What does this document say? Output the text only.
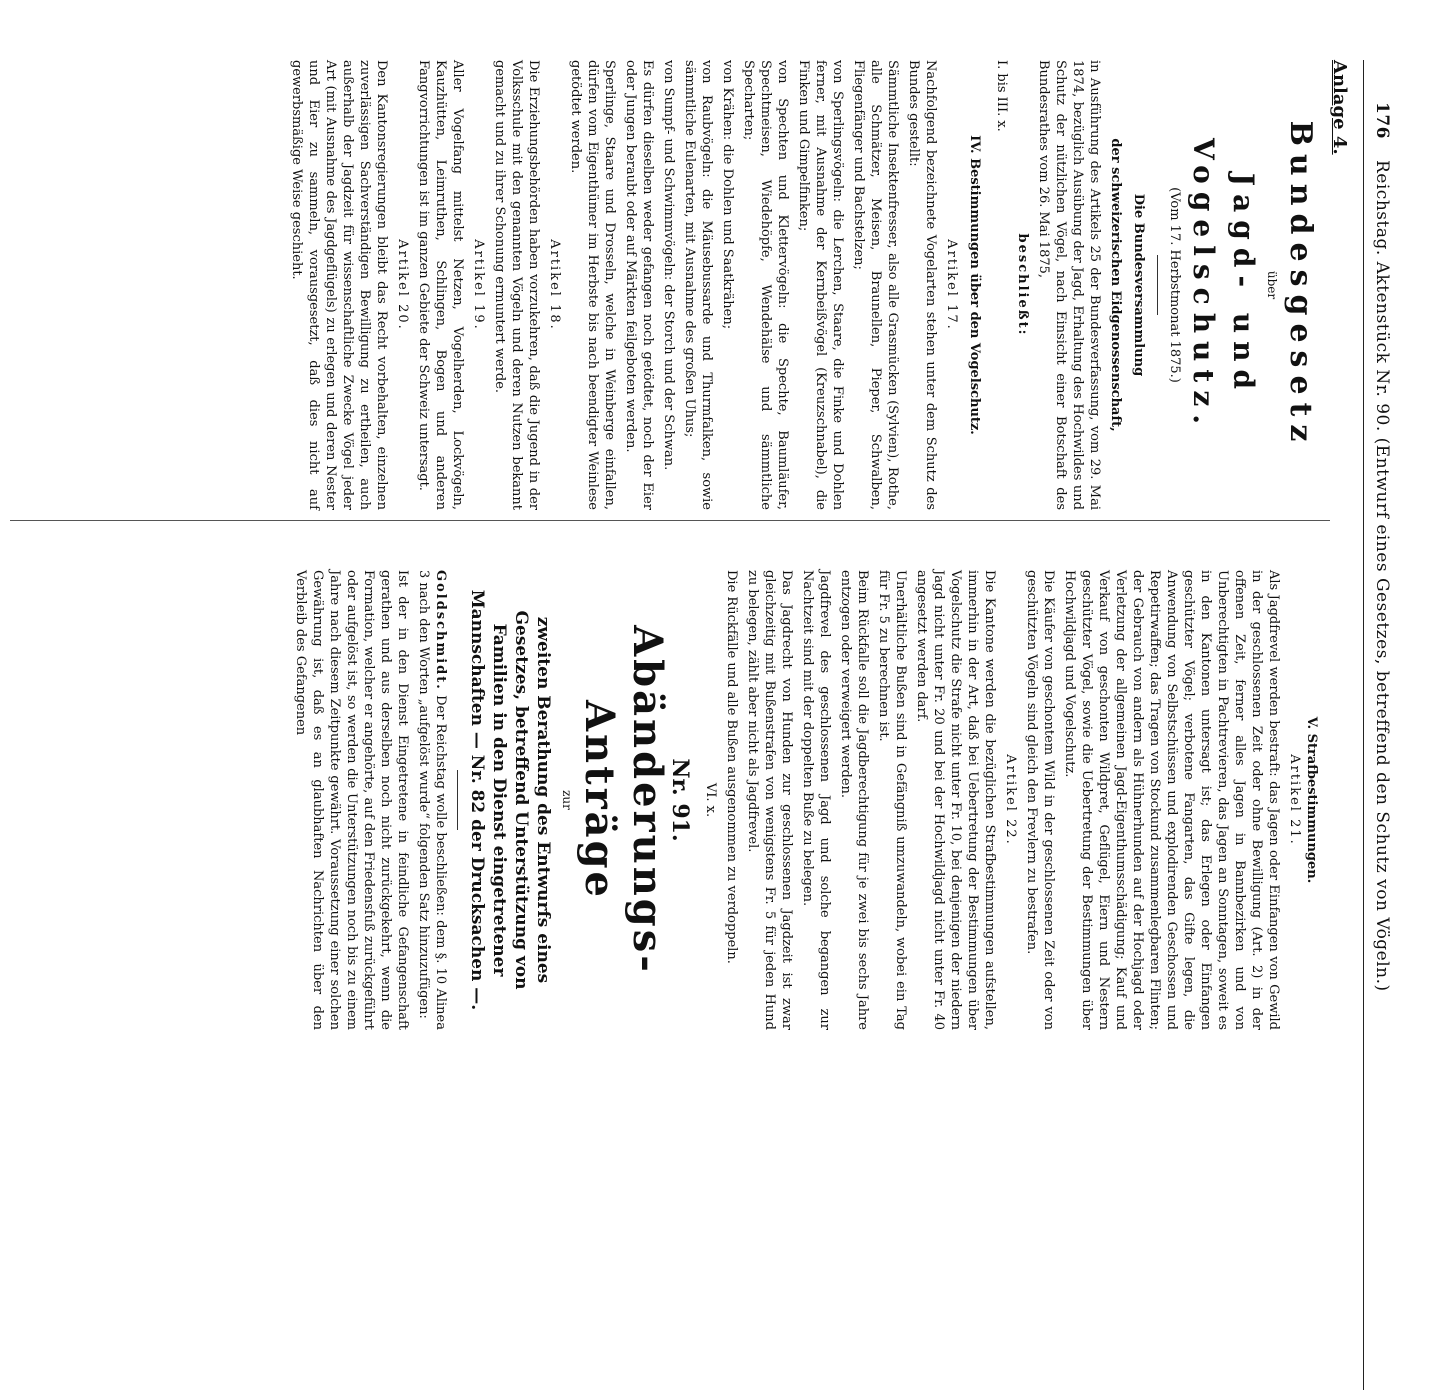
176
Reichstag. Aktenstück Nr. 90. (Entwurf eines Gesetzes, betreffend den Schutz von Vögeln.)
Anlage 4.
Bundesgesetz
über
Jagd- und Vogelschutz.
(Vom 17. Herbstmonat 1875.)
Die Bundesversammlung
der schweizerischen Eidgenossenschaft,

in Ausführung des Artikels 25 der Bundesverfassung, vom 29. Mai 1874, bezüglich Ausübung der Jagd, Erhaltung des Hochwildes und Schutz der nützlichen Vögel, nach Einsicht einer Botschaft des Bundesrathes vom 26. Mai 1875,

beschließt:

I. bis III. x.

IV. Bestimmungen über den Vogelschutz.
Artikel 17.

Nachfolgend bezeichnete Vogelarten stehen unter dem Schutz des Bundes gestellt:

Sämmtliche Insektenfresser, also alle Grasmücken (Sylvien), Rothe, alle Schmätzer, Meisen, Braunellen, Pieper, Schwalben, Fliegenfänger und Bachstelzen;

von Sperlingsvögeln: die Lerchen, Staare, die Finke und Dohlen ferner, mit Ausnahme der Kernbeißvögel (Kreuzschnabel), die Finken und Gimpelfinken;

von Spechten und Klettervögeln: die Spechte, Baumläufer, Spechtmeisen, Wiedehöpfe, Wendehälse und sämmtliche Specharten;

von Krähen: die Dohlen und Saatkrähen;

von Raubvögeln: die Mäusebussarde und Thurmfalken, sowie sämmtliche Eulenarten, mit Ausnahme des großen Uhus;

von Sumpf- und Schwimmvögeln: der Storch und der Schwan.

Es dürfen dieselben weder gefangen noch getödtet, noch der Eier oder Jungen beraubt oder auf Märkten feilgeboten werden.

Sperlinge, Staare und Drosseln, welche in Weinberge einfallen, dürfen vom Eigenthümer im Herbste bis nach beendigter Weinlese getödtet werden.

Artikel 18.

Die Erziehungsbehörden haben vorzukehren, daß die Jugend in der Volksschule mit den genannten Vögeln und deren Nutzen bekannt gemacht und zu ihrer Schonung ermuntert werde.

Artikel 19.

Aller Vogelfang mittelst Netzen, Vogelherden, Lockvögeln, Kauzhütten, Leimruthen, Schlingen, Bogen und anderen Fangvorrichtungen ist im ganzen Gebiete der Schweiz untersagt.

Artikel 20.

Den Kantonsregierungen bleibt das Recht vorbehalten, einzelnen zuverlässigen Sachverständigen Bewilligung zu ertheilen, auch außerhalb der Jagdzeit für wissenschaftliche Zwecke Vögel jeder Art (mit Ausnahme des Jagdgeflügels) zu erlegen und deren Nester und Eier zu sammeln, vorausgesetzt, daß dies nicht auf gewerbsmäßige Weise geschieht.

V. Strafbestimmungen.
Artikel 21.

Als Jagdfrevel werden bestraft: das Jagen oder Einfangen von Gewild in der geschlossenen Zeit oder ohne Bewilligung (Art. 2) in der offenen Zeit, ferner alles Jagen in Bannbezirken und von Unberechtigten in Pachtrevieren, das Jagen an Sonntagen, soweit es in den Kantonen untersagt ist; das Erlegen oder Einfangen geschützter Vögel; verbotene Fangarten, das Gifte legen, die Anwendung von Selbstschüssen und explodirenden Geschossen und Repetirwaffen; das Tragen von Stockund zusammenlegbaren Flinten; der Gebrauch von andern als Hühnerhunden auf der Hochjagd oder Verletzung der allgemeinen Jagd-Eigenthumsschädigung; Kauf und Verkauf von geschonten Wildpret, Geflügel, Eiern und Nestern geschützter Vögel, sowie die Uebertretung der Bestimmungen über Hochwildjagd und Vogelschutz.

Die Käufer von geschontem Wild in der geschlossenen Zeit oder von geschützten Vögeln sind gleich den Frevlern zu bestrafen.

Artikel 22.

Die Kantone werden die bezüglichen Strafbestimmungen aufstellen, immerhin in der Art, daß bei Uebertretung der Bestimmungen über Vogelschutz die Strafe nicht unter Fr. 10, bei denjenigen der niedern Jagd nicht unter Fr. 20 und bei der Hochwildjagd nicht unter Fr. 40 angesetzt werden darf.

Unerhältliche Bußen sind in Gefängniß umzuwandeln, wobei ein Tag für Fr. 5 zu berechnen ist.

Beim Rückfalle soll die Jagdberechtigung für je zwei bis sechs Jahre entzogen oder verweigert werden.

Jagdfrevel des geschlossenen Jagd und solche begangen zur Nachtzeit sind mit der doppelten Buße zu belegen.

Das Jagdrecht von Hunden zur geschlossenen Jagdzeit ist zwar gleichzeitig mit Bußenstrafen von wenigstens Fr. 5 für jeden Hund zu belegen, zählt aber nicht als Jagdfrevel.

Die Rückfälle und alle Bußen ausgenommen zu verdoppeln.

VI. x.
Nr. 91.
Abänderungs-Anträge
zur

zweiten Berathung des Entwurfs eines Gesetzes, betreffend Unterstützung von Familien in den Dienst eingetretener Mannschaften — Nr. 82 der Drucksachen —.

Goldschmidt. Der Reichstag wolle beschließen: dem §. 10 Alinea 3 nach den Worten „aufgelöst wurde“ folgenden Satz hinzuzufügen:

Ist der in den Dienst Eingetretene in feindliche Gefangenschaft gerathen und aus derselben noch nicht zurückgekehrt, wenn die Formation, welcher er angehörte, auf den Friedensfuß zurückgeführt oder aufgelöst ist, so werden die Unterstützungen noch bis zu einem Jahre nach diesem Zeitpunkte gewährt. Voraussetzung einer solchen Gewährung ist, daß es an glaubhaften Nachrichten über den Verbleib des Gefangenen
